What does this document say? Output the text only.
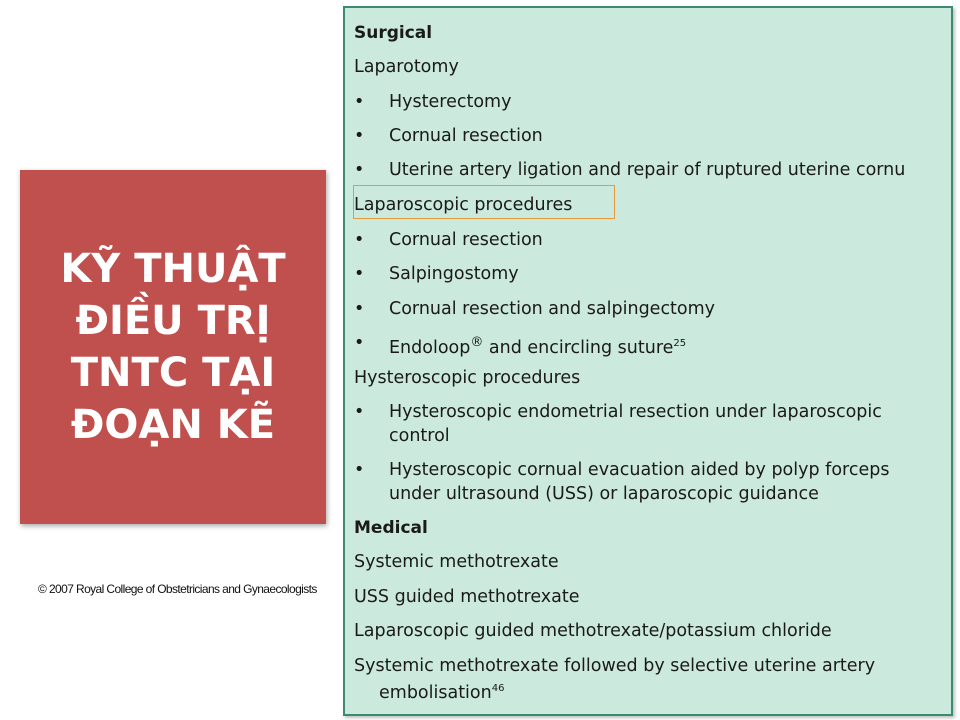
KỸ THUẬT
ĐIỀU TRỊ
TNTC TẠI
ĐOẠN KẼ

© 2007 Royal College of Obstetricians and Gynaecologists
Surgical
Laparotomy
• Hysterectomy
• Cornual resection
• Uterine artery ligation and repair of ruptured uterine cornu
Laparoscopic procedures
• Cornual resection
• Salpingostomy
• Cornual resection and salpingectomy
• Endoloop® and encircling suture$^{25}$
Hysteroscopic procedures
• Hysteroscopic endometrial resection under laparoscopic control
• Hysteroscopic cornual evacuation aided by polyp forceps under ultrasound (USS) or laparoscopic guidance
Medical
Systemic methotrexate
USS guided methotrexate
Laparoscopic guided methotrexate/potassium chloride
Systemic methotrexate followed by selective uterine artery
embolisation$^{46}$
